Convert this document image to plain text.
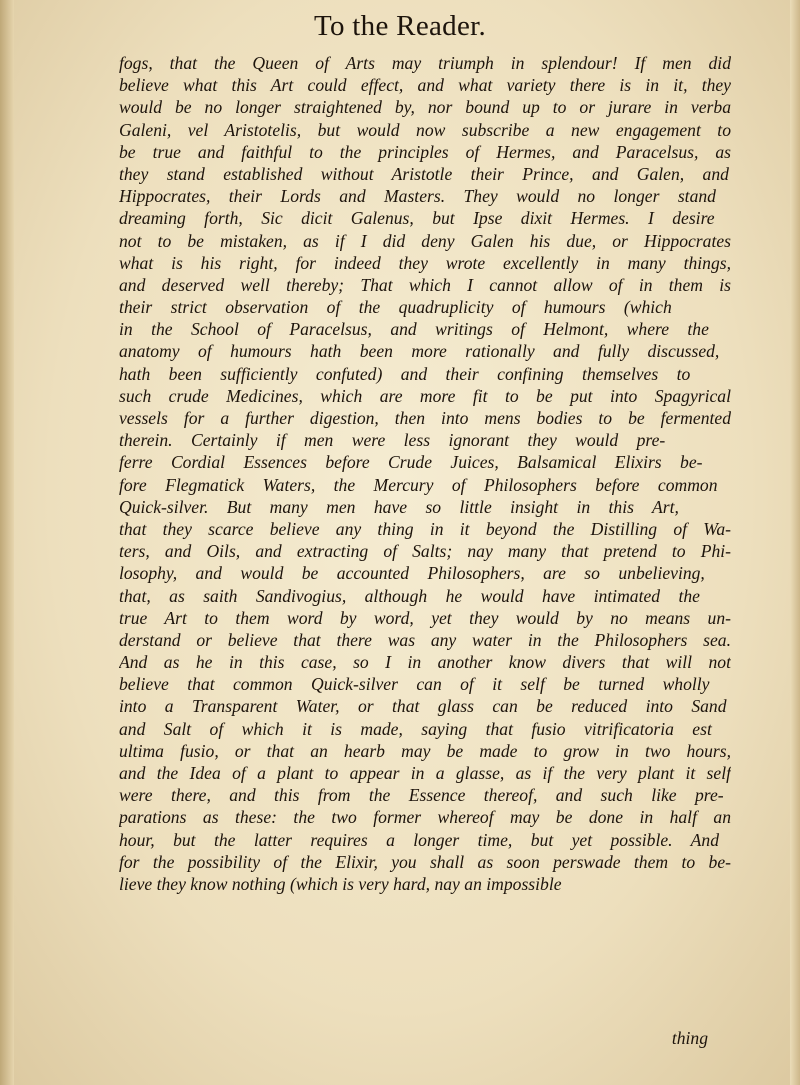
To the Reader.
fogs, that the Queen of Arts may triumph in splendour! If men did
believe what this Art could effect, and what variety there is in it, they
would be no longer straightened by, nor bound up to or jurare in verba
Galeni, vel Aristotelis, but would now subscribe a new engagement to
be true and faithful to the principles of Hermes, and Paracelsus, as
they stand established without Aristotle their Prince, and Galen, and
Hippocrates, their Lords and Masters. They would no longer stand
dreaming forth, Sic dicit Galenus, but Ipse dixit Hermes. I desire
not to be mistaken, as if I did deny Galen his due, or Hippocrates
what is his right, for indeed they wrote excellently in many things,
and deserved well thereby; That which I cannot allow of in them is
their strict observation of the quadruplicity of humours (which
in the School of Paracelsus, and writings of Helmont, where the
anatomy of humours hath been more rationally and fully discussed,
hath been sufficiently confuted) and their confining themselves to
such crude Medicines, which are more fit to be put into Spagyrical
vessels for a further digestion, then into mens bodies to be fermented
therein. Certainly if men were less ignorant they would pre-
ferre Cordial Essences before Crude Juices, Balsamical Elixirs be-
fore Flegmatick Waters, the Mercury of Philosophers before common
Quick-silver. But many men have so little insight in this Art,
that they scarce believe any thing in it beyond the Distilling of Wa-
ters, and Oils, and extracting of Salts; nay many that pretend to Phi-
losophy, and would be accounted Philosophers, are so unbelieving,
that, as saith Sandivogius, although he would have intimated the
true Art to them word by word, yet they would by no means un-
derstand or believe that there was any water in the Philosophers sea.
And as he in this case, so I in another know divers that will not
believe that common Quick-silver can of it self be turned wholly
into a Transparent Water, or that glass can be reduced into Sand
and Salt of which it is made, saying that fusio vitrificatoria est
ultima fusio, or that an hearb may be made to grow in two hours,
and the Idea of a plant to appear in a glasse, as if the very plant it self
were there, and this from the Essence thereof, and such like pre-
parations as these: the two former whereof may be done in half an
hour, but the latter requires a longer time, but yet possible. And
for the possibility of the Elixir, you shall as soon perswade them to be-
lieve they know nothing (which is very hard, nay an impossible
thing
